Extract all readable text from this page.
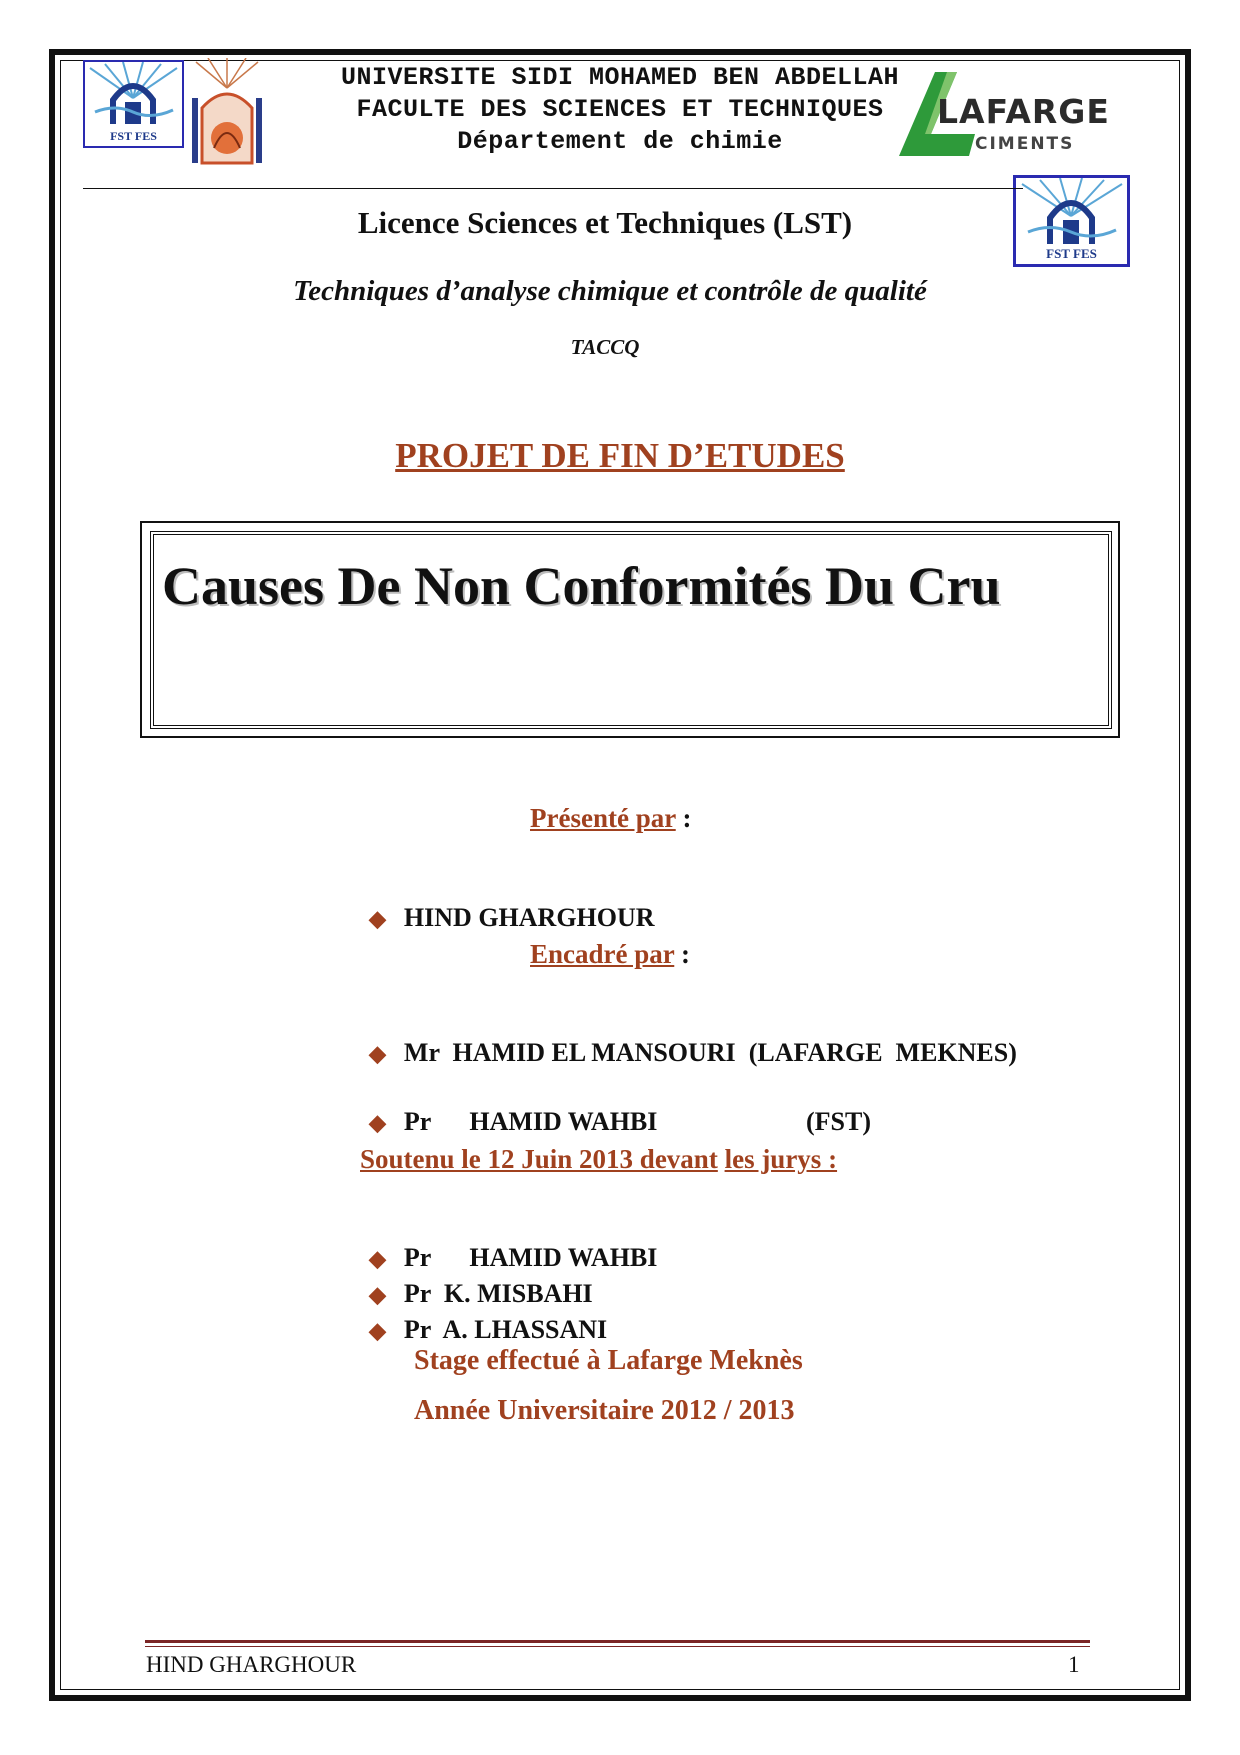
FST FES
UNIVERSITE SIDI MOHAMED BEN ABDELLAH
FACULTE DES SCIENCES ET TECHNIQUES
Département de chimie
LAFARGE
CIMENTS
FST FES
Licence Sciences et Techniques (LST)
Techniques d’analyse chimique et contrôle de qualité
TACCQ
PROJET DE FIN D’ETUDES
Causes De Non Conformités Du Cru
Présenté par :

◆ HIND GHARGHOUR

Encadré par :

◆ Mr HAMID EL MANSOURI (LAFARGE  MEKNES)

◆ Pr HAMID WAHBI	(FST)

Soutenu le 12 Juin 2013 devant les jurys :

◆ Pr HAMID WAHBI

◆ Pr K. MISBAHI

◆ Pr A. LHASSANI

Stage effectué à Lafarge Meknès
Année Universitaire 2012 / 2013
HIND GHARGHOUR	1
